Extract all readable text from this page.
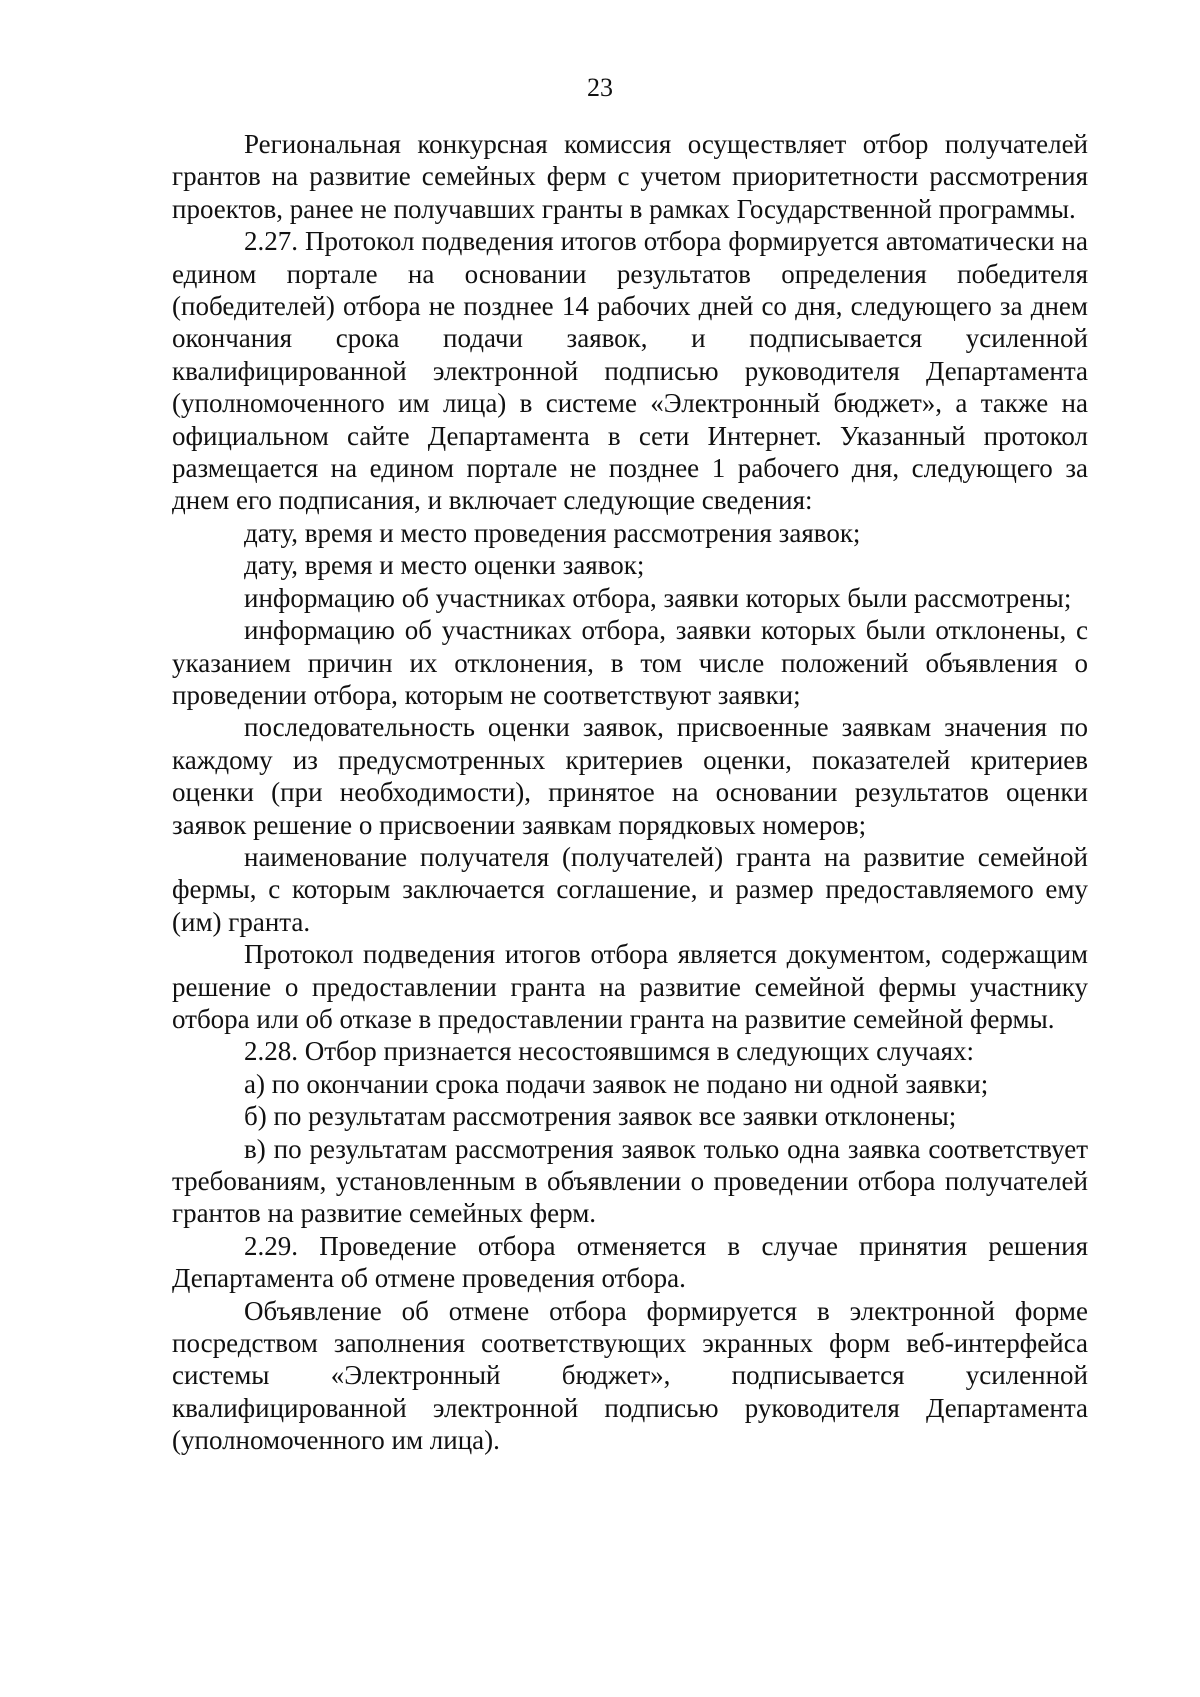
23

Региональная конкурсная комиссия осуществляет отбор получателей грантов на развитие семейных ферм с учетом приоритетности рассмотрения проектов, ранее не получавших гранты в рамках Государственной программы.

2.27. Протокол подведения итогов отбора формируется автоматически на едином портале на основании результатов определения победителя (победителей) отбора не позднее 14 рабочих дней со дня, следующего за днем окончания срока подачи заявок, и подписывается усиленной квалифицированной электронной подписью руководителя Департамента (уполномоченного им лица) в системе «Электронный бюджет», а также на официальном сайте Департамента в сети Интернет. Указанный протокол размещается на едином портале не позднее 1 рабочего дня, следующего за днем его подписания, и включает следующие сведения:

дату, время и место проведения рассмотрения заявок;

дату, время и место оценки заявок;

информацию об участниках отбора, заявки которых были рассмотрены;

информацию об участниках отбора, заявки которых были отклонены, с указанием причин их отклонения, в том числе положений объявления о проведении отбора, которым не соответствуют заявки;

последовательность оценки заявок, присвоенные заявкам значения по каждому из предусмотренных критериев оценки, показателей критериев оценки (при необходимости), принятое на основании результатов оценки заявок решение о присвоении заявкам порядковых номеров;

наименование получателя (получателей) гранта на развитие семейной фермы, с которым заключается соглашение, и размер предоставляемого ему (им) гранта.

Протокол подведения итогов отбора является документом, содержащим решение о предоставлении гранта на развитие семейной фермы участнику отбора или об отказе в предоставлении гранта на развитие семейной фермы.

2.28. Отбор признается несостоявшимся в следующих случаях:

а) по окончании срока подачи заявок не подано ни одной заявки;

б) по результатам рассмотрения заявок все заявки отклонены;

в) по результатам рассмотрения заявок только одна заявка соответствует требованиям, установленным в объявлении о проведении отбора получателей грантов на развитие семейных ферм.

2.29. Проведение отбора отменяется в случае принятия решения Департамента об отмене проведения отбора.

Объявление об отмене отбора формируется в электронной форме посредством заполнения соответствующих экранных форм веб-интерфейса системы «Электронный бюджет», подписывается усиленной квалифицированной электронной подписью руководителя Департамента (уполномоченного им лица).
